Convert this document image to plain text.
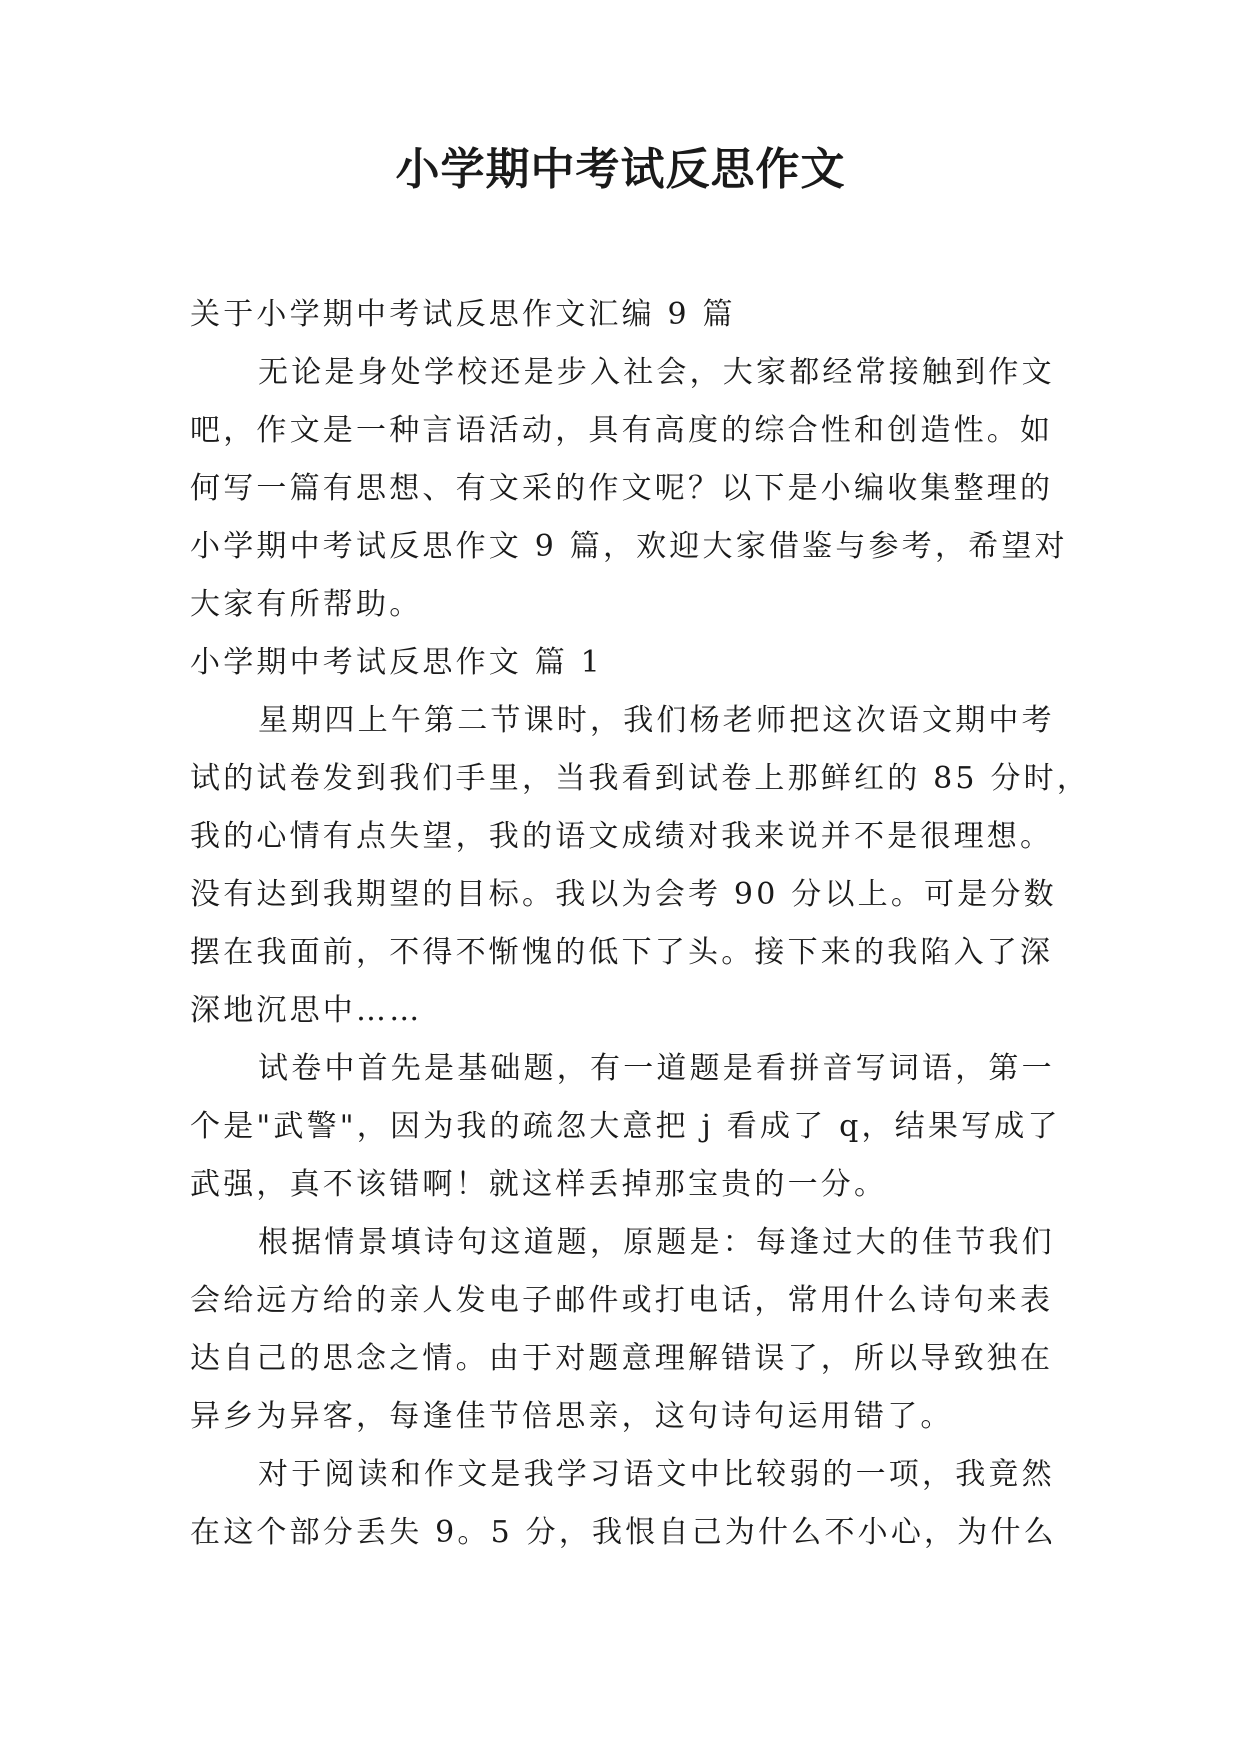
小学期中考试反思作文
关于小学期中考试反思作文汇编 9 篇
无论是身处学校还是步入社会，大家都经常接触到作文
吧，作文是一种言语活动，具有高度的综合性和创造性。如
何写一篇有思想、有文采的作文呢？以下是小编收集整理的
小学期中考试反思作文 9 篇，欢迎大家借鉴与参考，希望对
大家有所帮助。
小学期中考试反思作文 篇 1
星期四上午第二节课时，我们杨老师把这次语文期中考
试的试卷发到我们手里，当我看到试卷上那鲜红的 85 分时，
我的心情有点失望，我的语文成绩对我来说并不是很理想。
没有达到我期望的目标。我以为会考 90 分以上。可是分数
摆在我面前，不得不惭愧的低下了头。接下来的我陷入了深
深地沉思中……
试卷中首先是基础题，有一道题是看拼音写词语，第一
个是"武警"，因为我的疏忽大意把 j 看成了 q，结果写成了
武强，真不该错啊！就这样丢掉那宝贵的一分。
根据情景填诗句这道题，原题是：每逢过大的佳节我们
会给远方给的亲人发电子邮件或打电话，常用什么诗句来表
达自己的思念之情。由于对题意理解错误了，所以导致独在
异乡为异客，每逢佳节倍思亲，这句诗句运用错了。
对于阅读和作文是我学习语文中比较弱的一项，我竟然
在这个部分丢失 9。5 分，我恨自己为什么不小心，为什么
